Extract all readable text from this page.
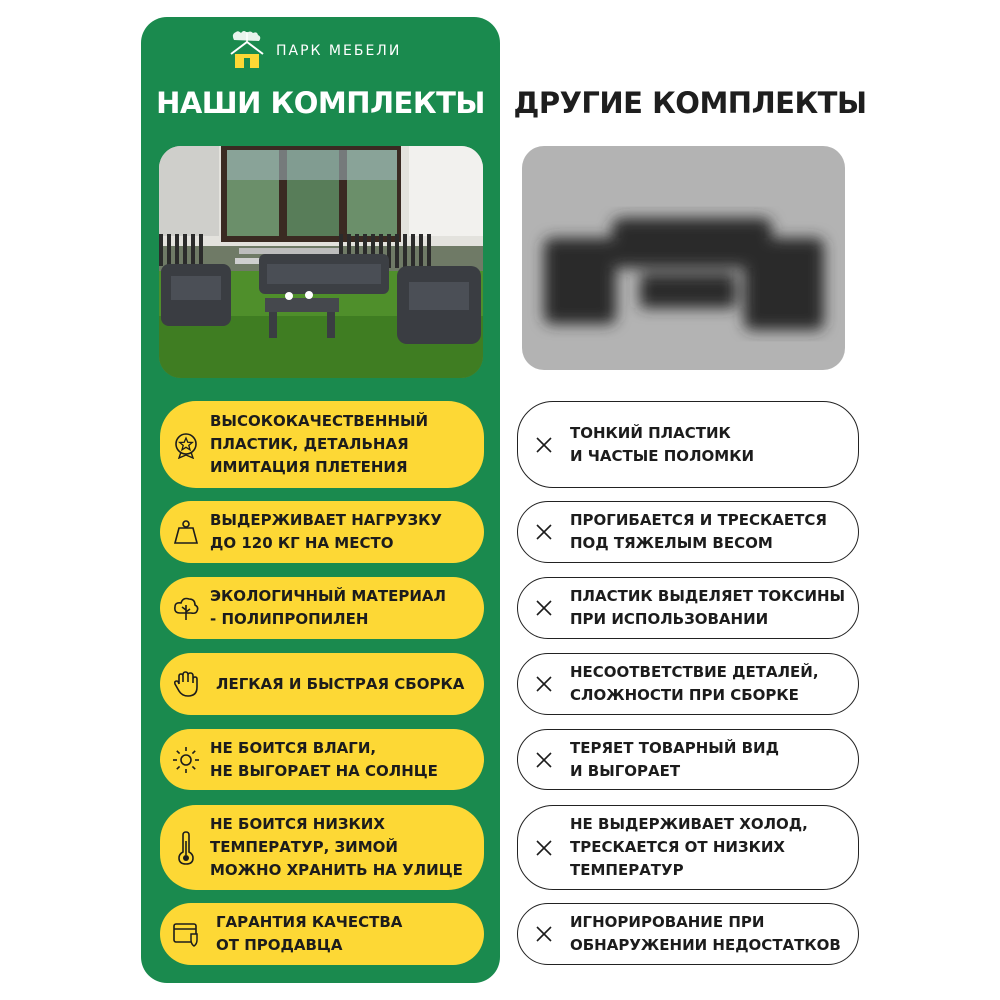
ПАРК МЕБЕЛИ
НАШИ КОМПЛЕКТЫ ДРУГИЕ КОМПЛЕКТЫ
ВЫСОКОКАЧЕСТВЕННЫЙ
ПЛАСТИК, ДЕТАЛЬНАЯ
ИМИТАЦИЯ ПЛЕТЕНИЯ
ВЫДЕРЖИВАЕТ НАГРУЗКУ
ДО 120 КГ НА МЕСТО
ЭКОЛОГИЧНЫЙ МАТЕРИАЛ
- ПОЛИПРОПИЛЕН
ЛЕГКАЯ И БЫСТРАЯ СБОРКА
НЕ БОИТСЯ ВЛАГИ,
НЕ ВЫГОРАЕТ НА СОЛНЦЕ
НЕ БОИТСЯ НИЗКИХ
ТЕМПЕРАТУР, ЗИМОЙ
МОЖНО ХРАНИТЬ НА УЛИЦЕ
ГАРАНТИЯ КАЧЕСТВА
ОТ ПРОДАВЦА
ТОНКИЙ ПЛАСТИК
И ЧАСТЫЕ ПОЛОМКИ
ПРОГИБАЕТСЯ И ТРЕСКАЕТСЯ
ПОД ТЯЖЕЛЫМ ВЕСОМ
ПЛАСТИК ВЫДЕЛЯЕТ ТОКСИНЫ
ПРИ ИСПОЛЬЗОВАНИИ
НЕСООТВЕТСТВИЕ ДЕТАЛЕЙ,
СЛОЖНОСТИ ПРИ СБОРКЕ
ТЕРЯЕТ ТОВАРНЫЙ ВИД
И ВЫГОРАЕТ
НЕ ВЫДЕРЖИВАЕТ ХОЛОД,
ТРЕСКАЕТСЯ ОТ НИЗКИХ
ТЕМПЕРАТУР
ИГНОРИРОВАНИЕ ПРИ
ОБНАРУЖЕНИИ НЕДОСТАТКОВ
